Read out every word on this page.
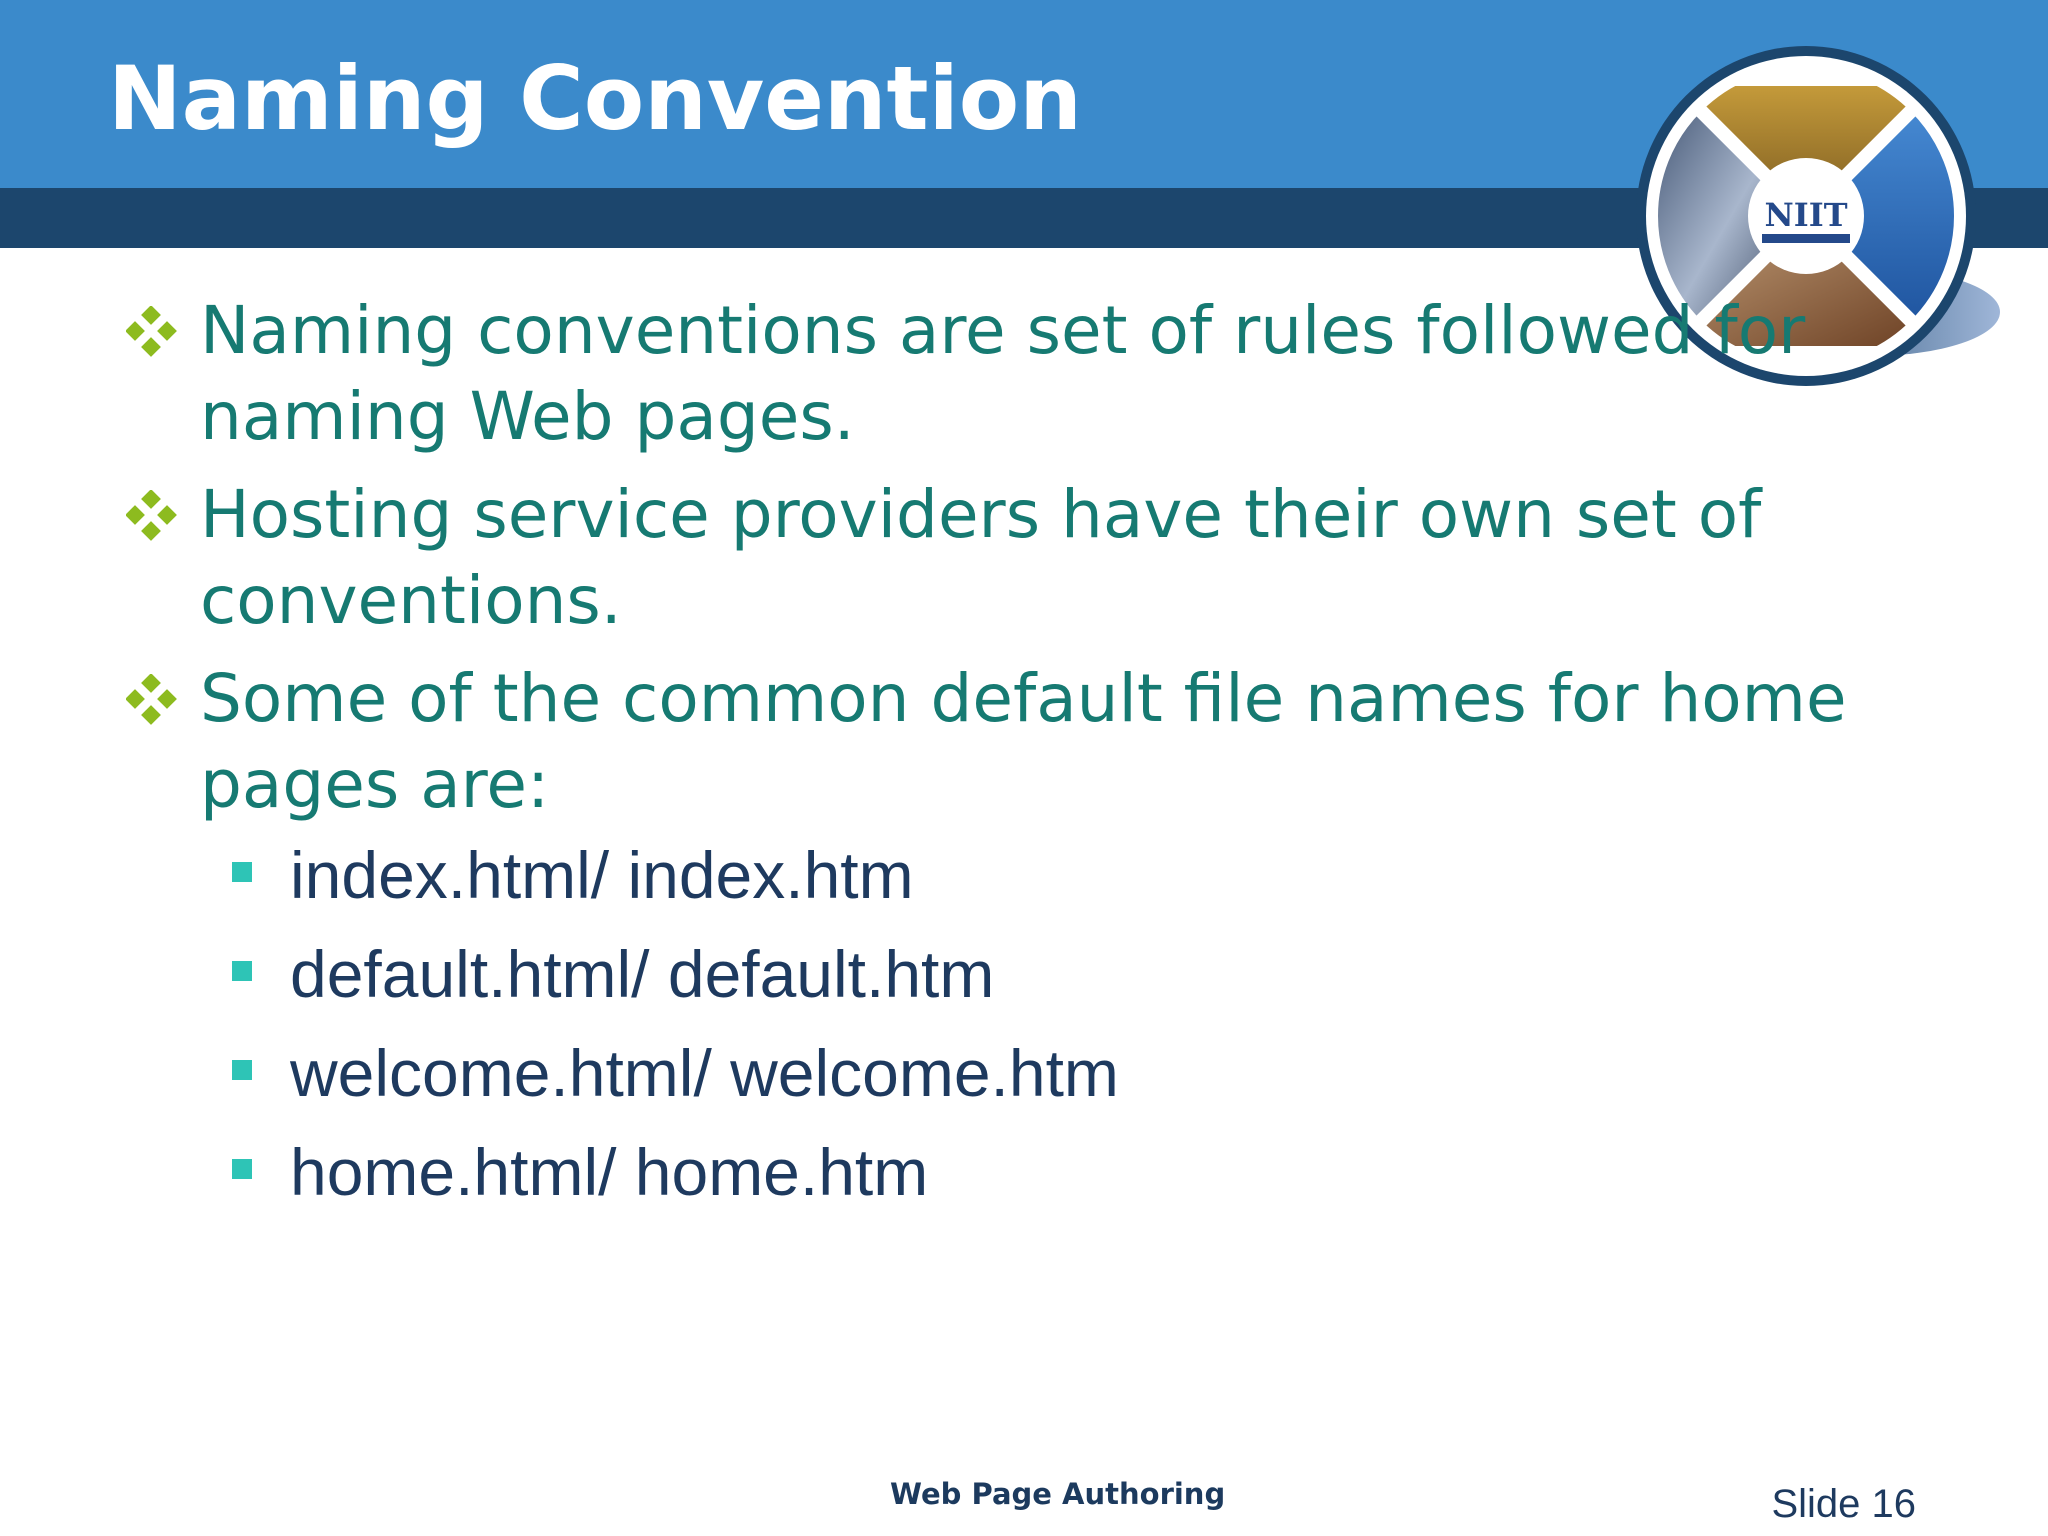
Naming Convention
NIIT
Naming conventions are set of rules followed for naming Web pages.
Hosting service providers have their own set of conventions.
Some of the common default file names for home pages are:
index.html/ index.htm
default.html/ default.htm
welcome.html/ welcome.htm
home.html/ home.htm
Web Page Authoring	Slide 16
